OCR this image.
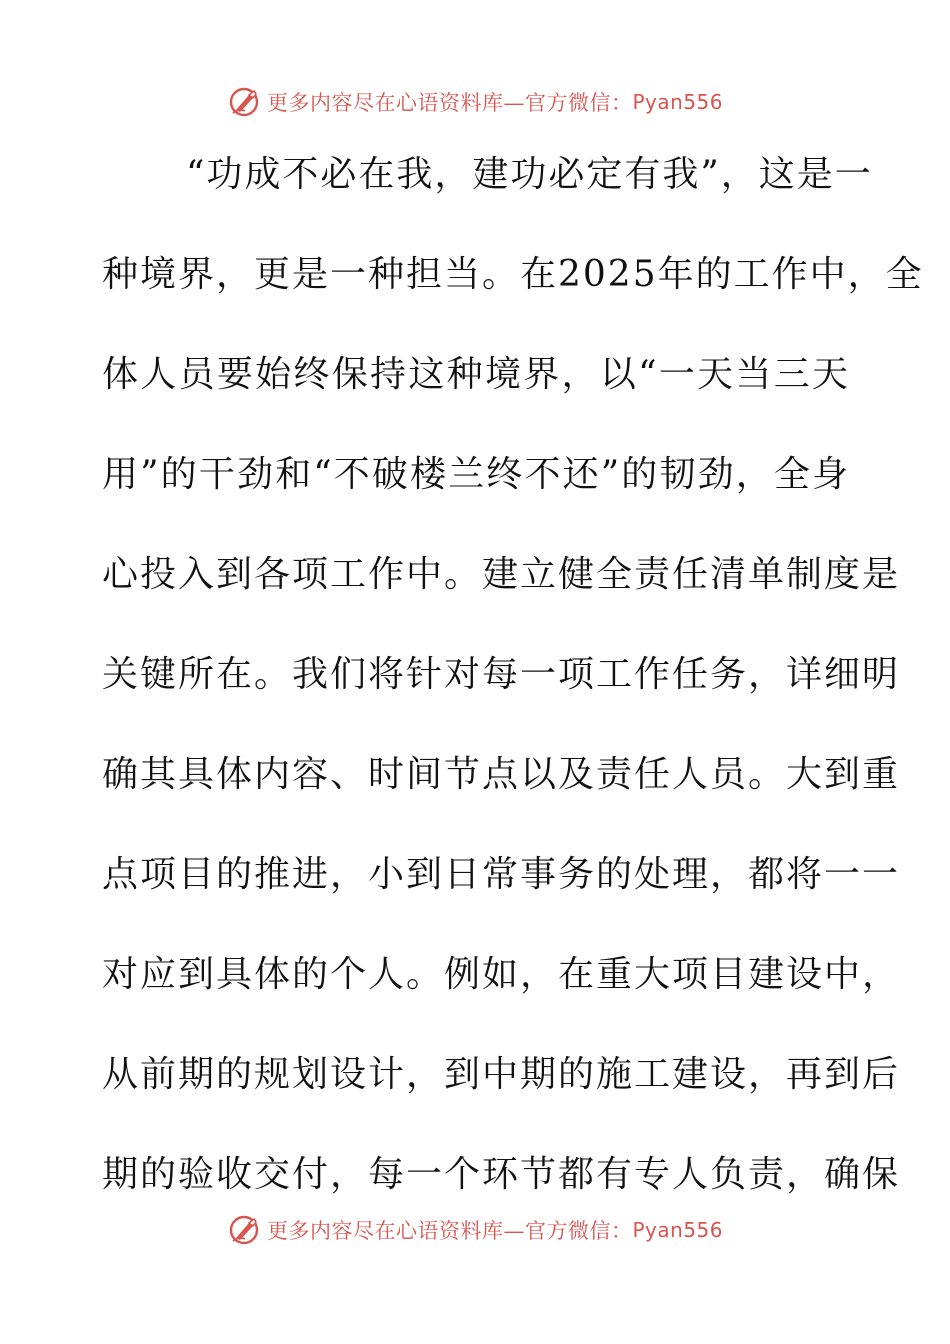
更多内容尽在心语资料库—官方微信： Pyan556
“功成不必在我，建功必定有我”，这是一
种境界，更是一种担当。在2025年的工作中，全
体人员要始终保持这种境界，以“一天当三天
用”的干劲和“不破楼兰终不还”的韧劲，全身
心投入到各项工作中。建立健全责任清单制度是
关键所在。我们将针对每一项工作任务，详细明
确其具体内容、时间节点以及责任人员。大到重
点项目的推进，小到日常事务的处理，都将一一
对应到具体的个人。例如，在重大项目建设中，
从前期的规划设计，到中期的施工建设，再到后
期的验收交付，每一个环节都有专人负责，确保
更多内容尽在心语资料库—官方微信： Pyan556
